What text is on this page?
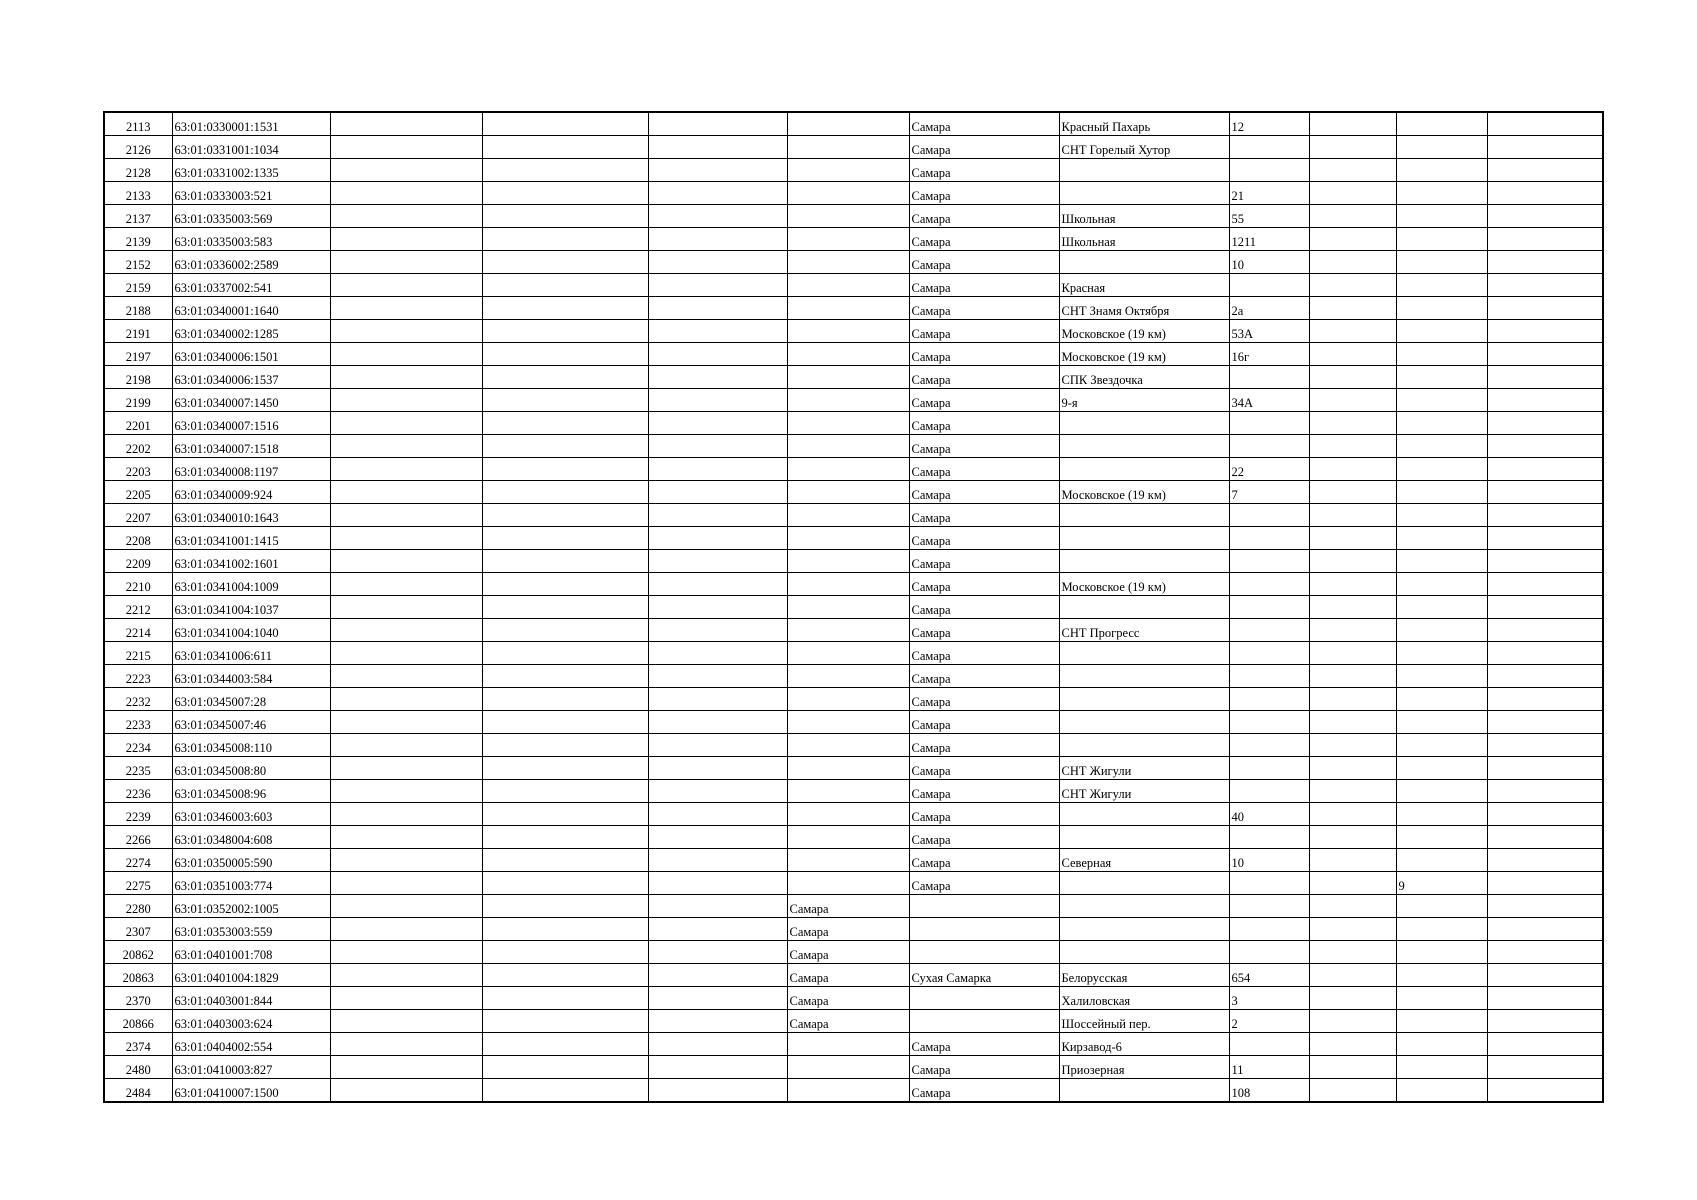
2113	63:01:0330001:1531					Самара	Красный Пахарь	12			
2126	63:01:0331001:1034					Самара	СНТ Горелый Хутор				
2128	63:01:0331002:1335					Самара					
2133	63:01:0333003:521					Самара		21			
2137	63:01:0335003:569					Самара	Школьная	55			
2139	63:01:0335003:583					Самара	Школьная	1211			
2152	63:01:0336002:2589					Самара		10			
2159	63:01:0337002:541					Самара	Красная				
2188	63:01:0340001:1640					Самара	СНТ Знамя Октября	2а			
2191	63:01:0340002:1285					Самара	Московское (19 км)	53А			
2197	63:01:0340006:1501					Самара	Московское (19 км)	16г			
2198	63:01:0340006:1537					Самара	СПК Звездочка				
2199	63:01:0340007:1450					Самара	9-я	34А			
2201	63:01:0340007:1516					Самара					
2202	63:01:0340007:1518					Самара					
2203	63:01:0340008:1197					Самара		22			
2205	63:01:0340009:924					Самара	Московское (19 км)	7			
2207	63:01:0340010:1643					Самара					
2208	63:01:0341001:1415					Самара					
2209	63:01:0341002:1601					Самара					
2210	63:01:0341004:1009					Самара	Московское (19 км)				
2212	63:01:0341004:1037					Самара					
2214	63:01:0341004:1040					Самара	СНТ Прогресс				
2215	63:01:0341006:611					Самара					
2223	63:01:0344003:584					Самара					
2232	63:01:0345007:28					Самара					
2233	63:01:0345007:46					Самара					
2234	63:01:0345008:110					Самара					
2235	63:01:0345008:80					Самара	СНТ Жигули				
2236	63:01:0345008:96					Самара	СНТ Жигули				
2239	63:01:0346003:603					Самара		40			
2266	63:01:0348004:608					Самара					
2274	63:01:0350005:590					Самара	Северная	10			
2275	63:01:0351003:774					Самара				9	
2280	63:01:0352002:1005				Самара						
2307	63:01:0353003:559				Самара						
20862	63:01:0401001:708				Самара						
20863	63:01:0401004:1829				Самара	Сухая Самарка	Белорусская	654			
2370	63:01:0403001:844				Самара		Халиловская	3			
20866	63:01:0403003:624				Самара		Шоссейный пер.	2			
2374	63:01:0404002:554					Самара	Кирзавод-6				
2480	63:01:0410003:827					Самара	Приозерная	11			
2484	63:01:0410007:1500					Самара		108			
